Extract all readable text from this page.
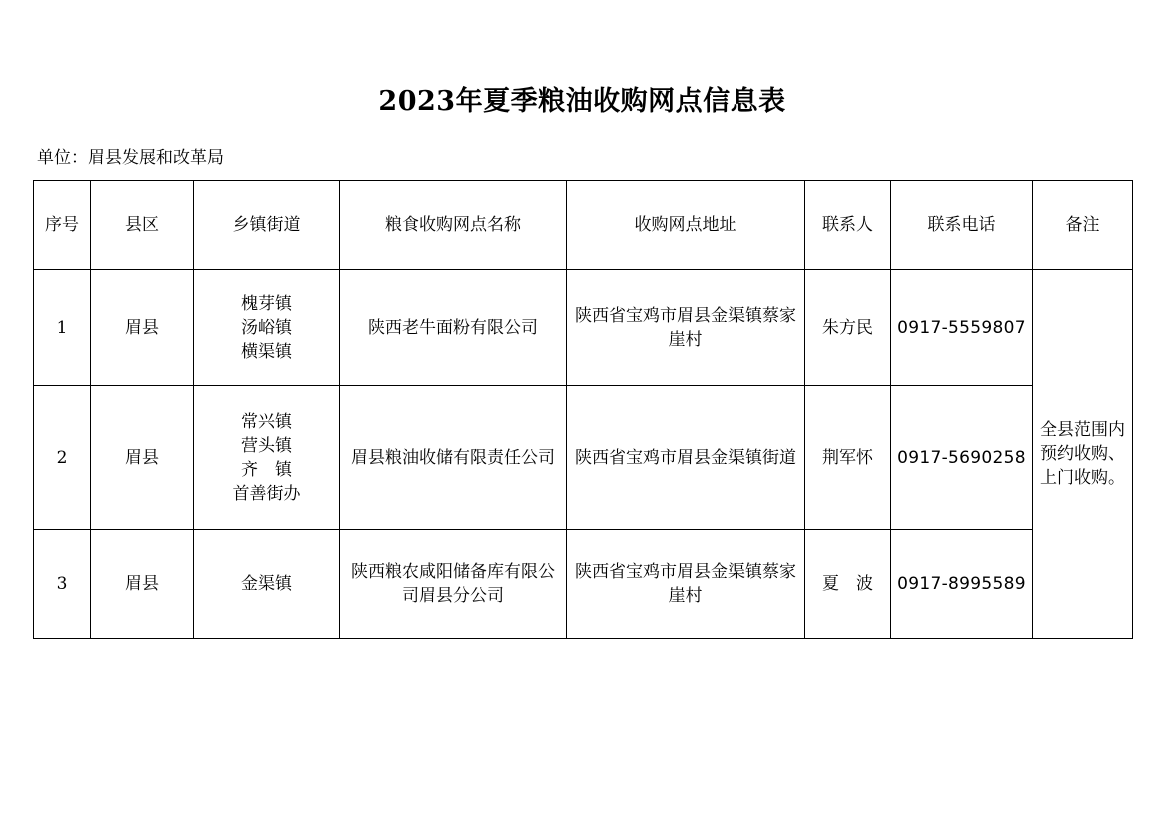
2023年夏季粮油收购网点信息表
单位：眉县发展和改革局
序号	县区	乡镇街道	粮食收购网点名称	收购网点地址	联系人	联系电话	备注
1	眉县	槐芽镇
汤峪镇
横渠镇	陕西老牛面粉有限公司	陕西省宝鸡市眉县金渠镇蔡家崖村	朱方民	0917-5559807	全县范围内预约收购、上门收购。
2	眉县	常兴镇
营头镇
齐　镇
首善街办	眉县粮油收储有限责任公司	陕西省宝鸡市眉县金渠镇街道	荆军怀	0917-5690258	
3	眉县	金渠镇	陕西粮农咸阳储备库有限公司眉县分公司	陕西省宝鸡市眉县金渠镇蔡家崖村	夏　波	0917-8995589	
